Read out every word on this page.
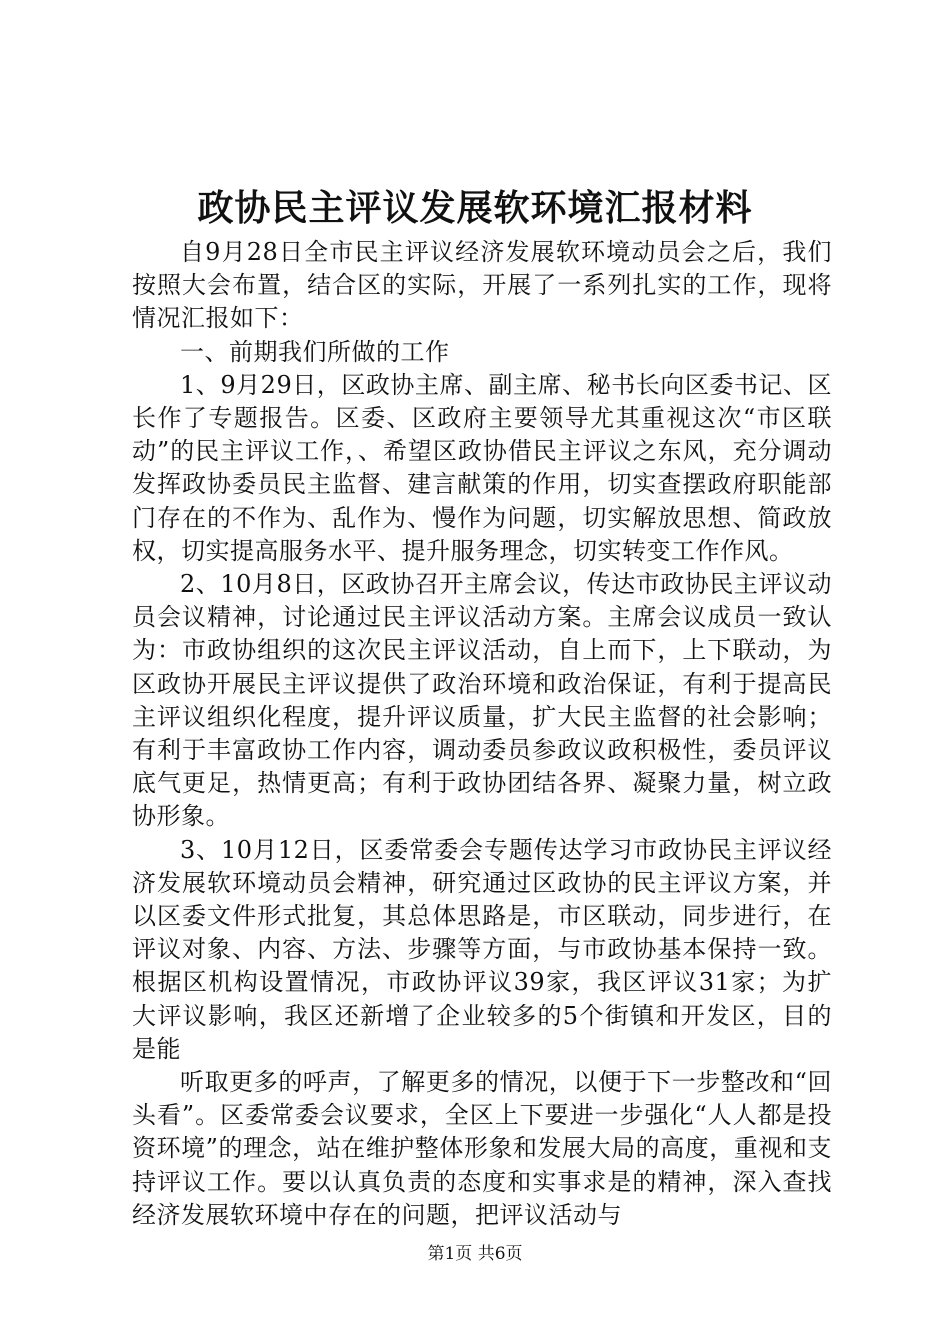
政协民主评议发展软环境汇报材料

自9月28日全市民主评议经济发展软环境动员会之后，我们按照大会布置，结合区的实际，开展了一系列扎实的工作，现将情况汇报如下：

一、前期我们所做的工作

1、9月29日，区政协主席、副主席、秘书长向区委书记、区长作了专题报告。区委、区政府主要领导尤其重视这次“市区联动”的民主评议工作，、希望区政协借民主评议之东风，充分调动发挥政协委员民主监督、建言献策的作用，切实查摆政府职能部门存在的不作为、乱作为、慢作为问题，切实解放思想、简政放权，切实提高服务水平、提升服务理念，切实转变工作作风。

2、10月8日，区政协召开主席会议，传达市政协民主评议动员会议精神，讨论通过民主评议活动方案。主席会议成员一致认为：市政协组织的这次民主评议活动，自上而下，上下联动，为区政协开展民主评议提供了政治环境和政治保证，有利于提高民主评议组织化程度，提升评议质量，扩大民主监督的社会影响；有利于丰富政协工作内容，调动委员参政议政积极性，委员评议底气更足，热情更高；有利于政协团结各界、凝聚力量，树立政协形象。

3、10月12日，区委常委会专题传达学习市政协民主评议经济发展软环境动员会精神，研究通过区政协的民主评议方案，并以区委文件形式批复，其总体思路是，市区联动，同步进行，在评议对象、内容、方法、步骤等方面，与市政协基本保持一致。根据区机构设置情况，市政协评议39家，我区评议31家；为扩大评议影响，我区还新增了企业较多的5个街镇和开发区，目的是能

听取更多的呼声，了解更多的情况，以便于下一步整改和“回头看”。区委常委会议要求，全区上下要进一步强化“人人都是投资环境”的理念，站在维护整体形象和发展大局的高度，重视和支持评议工作。要以认真负责的态度和实事求是的精神，深入查找经济发展软环境中存在的问题，把评议活动与

第1页 共6页
